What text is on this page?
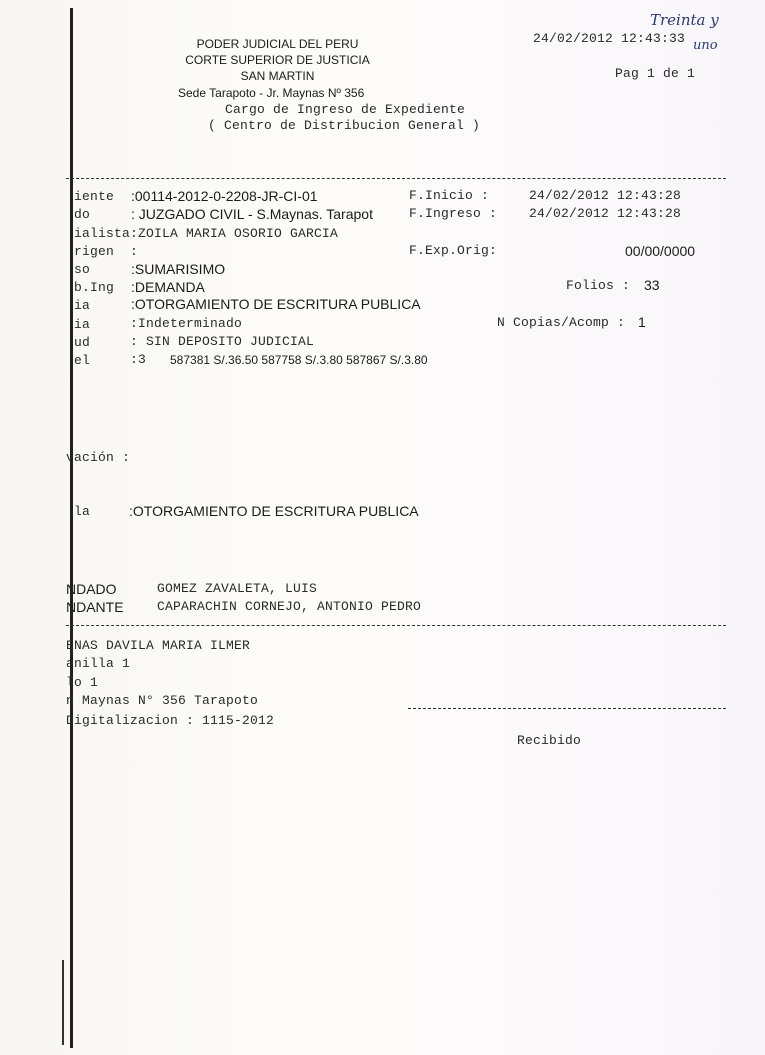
PODER JUDICIAL DEL PERU
CORTE SUPERIOR DE JUSTICIA
SAN MARTIN
Sede Tarapoto - Jr. Maynas Nº 356
Cargo de Ingreso de Expediente
( Centro de Distribucion General )
24/02/2012 12:43:33
Pag 1 de 1
Treinta y
uno
iente :00114-2012-0-2208-JR-CI-01
do	: JUZGADO CIVIL - S.Maynas. Tarapot
ialista :ZOILA MARIA OSORIO GARCIA
rigen :
so	:SUMARISIMO
b.Ing :DEMANDA
ia	:OTORGAMIENTO DE ESCRITURA PUBLICA
ia	:Indeterminado
ud	: SIN DEPOSITO JUDICIAL
el	:3 587381 S/.36.50 587758 S/.3.80 587867 S/.3.80
F.Inicio :	24/02/2012 12:43:28
F.Ingreso : 24/02/2012 12:43:28
F.Exp.Orig:	00/00/0000
Folios : 33
N Copias/Acomp : 1
vación :
la	:OTORGAMIENTO DE ESCRITURA PUBLICA
NDADO	GOMEZ ZAVALETA, LUIS
NDANTE	CAPARACHIN CORNEJO, ANTONIO PEDRO
ENAS DAVILA MARIA ILMER
anilla 1
lo 1
n Maynas N° 356 Tarapoto
Digitalizacion : 1115-2012
Recibido
